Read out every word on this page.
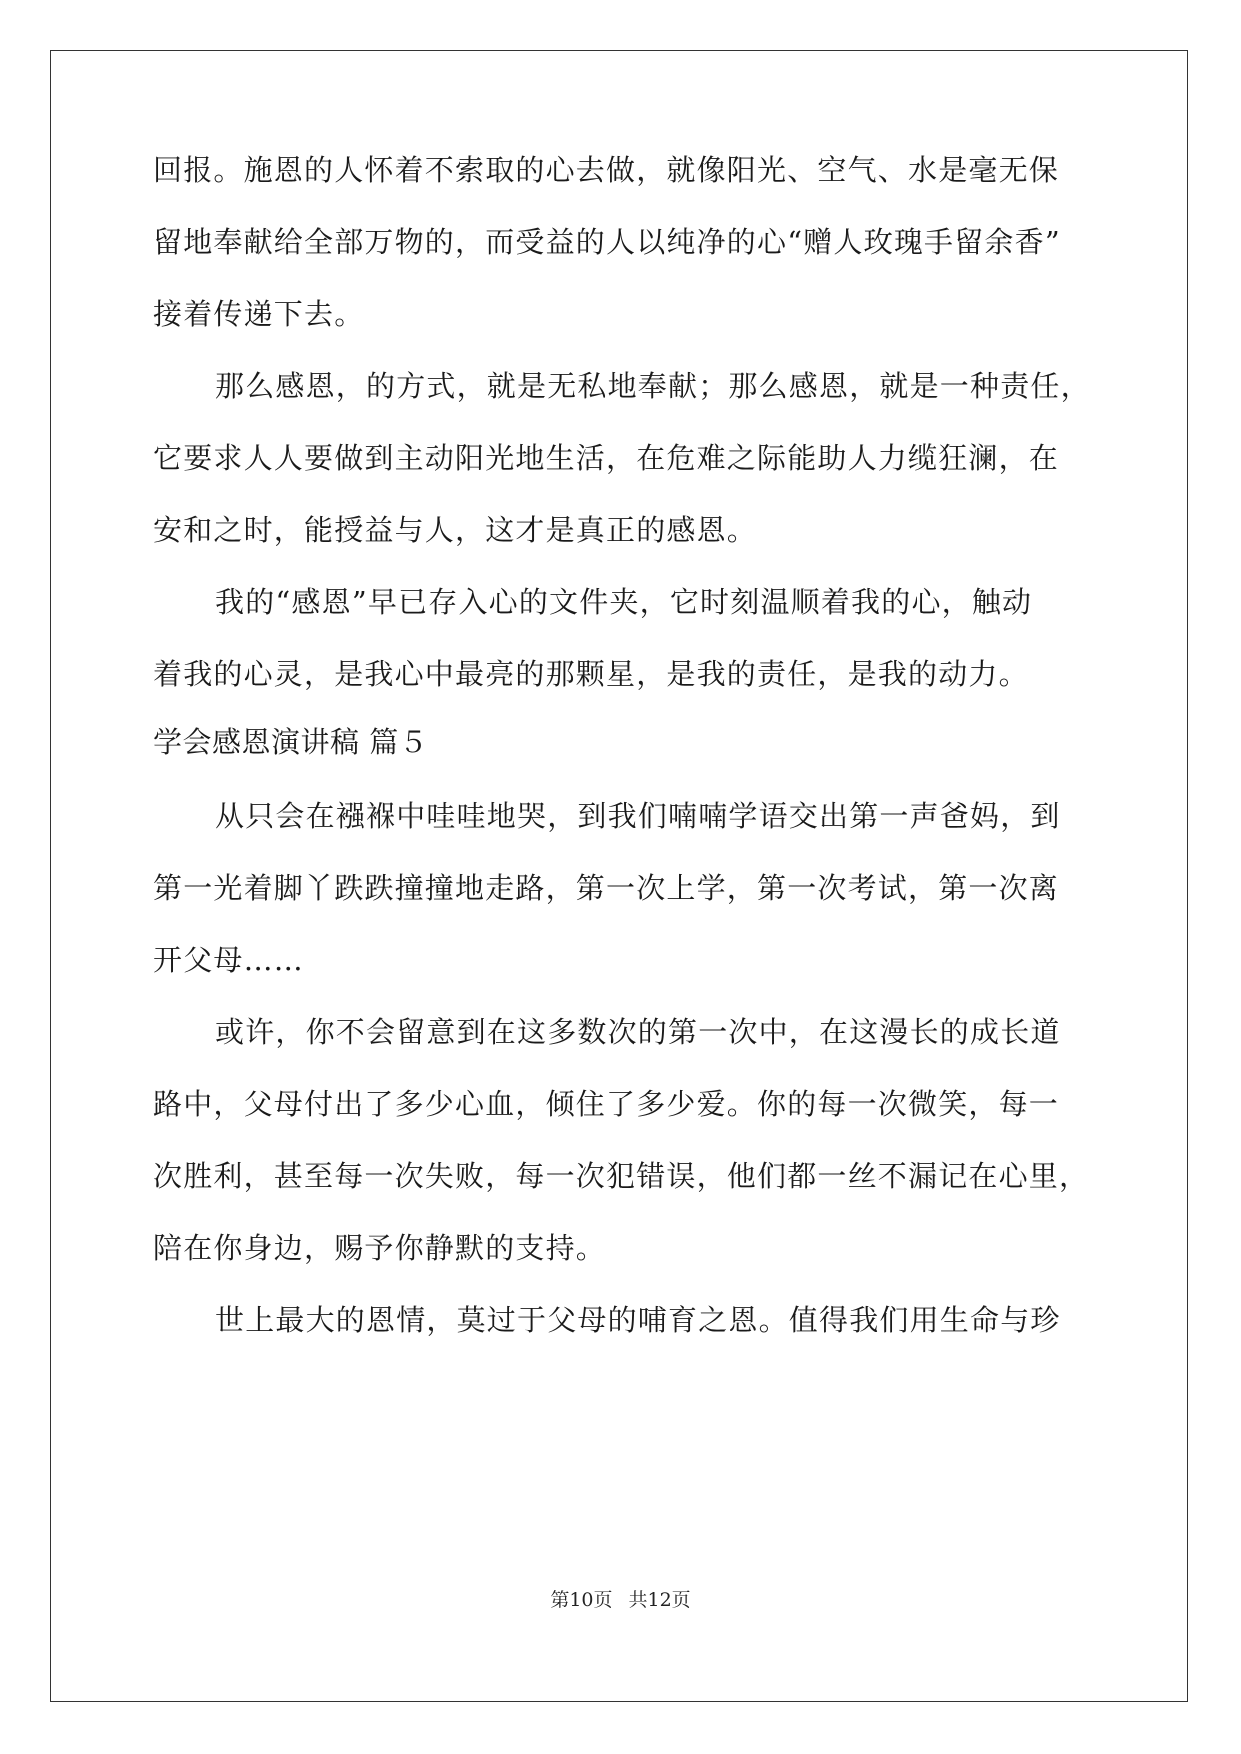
回报。施恩的人怀着不索取的心去做，就像阳光、空气、水是毫无保
留地奉献给全部万物的，而受益的人以纯净的心“赠人玫瑰手留余香”
接着传递下去。
那么感恩，的方式，就是无私地奉献；那么感恩，就是一种责任，
它要求人人要做到主动阳光地生活，在危难之际能助人力缆狂澜，在
安和之时，能授益与人，这才是真正的感恩。
我的“感恩”早已存入心的文件夹，它时刻温顺着我的心，触动
着我的心灵，是我心中最亮的那颗星，是我的责任，是我的动力。
学会感恩演讲稿 篇５
从只会在襁褓中哇哇地哭，到我们喃喃学语交出第一声爸妈，到
第一光着脚丫跌跌撞撞地走路，第一次上学，第一次考试，第一次离
开父母……
或许，你不会留意到在这多数次的第一次中，在这漫长的成长道
路中，父母付出了多少心血，倾住了多少爱。你的每一次微笑，每一
次胜利，甚至每一次失败，每一次犯错误，他们都一丝不漏记在心里，
陪在你身边，赐予你静默的支持。
世上最大的恩情，莫过于父母的哺育之恩。值得我们用生命与珍
第10页 共12页
